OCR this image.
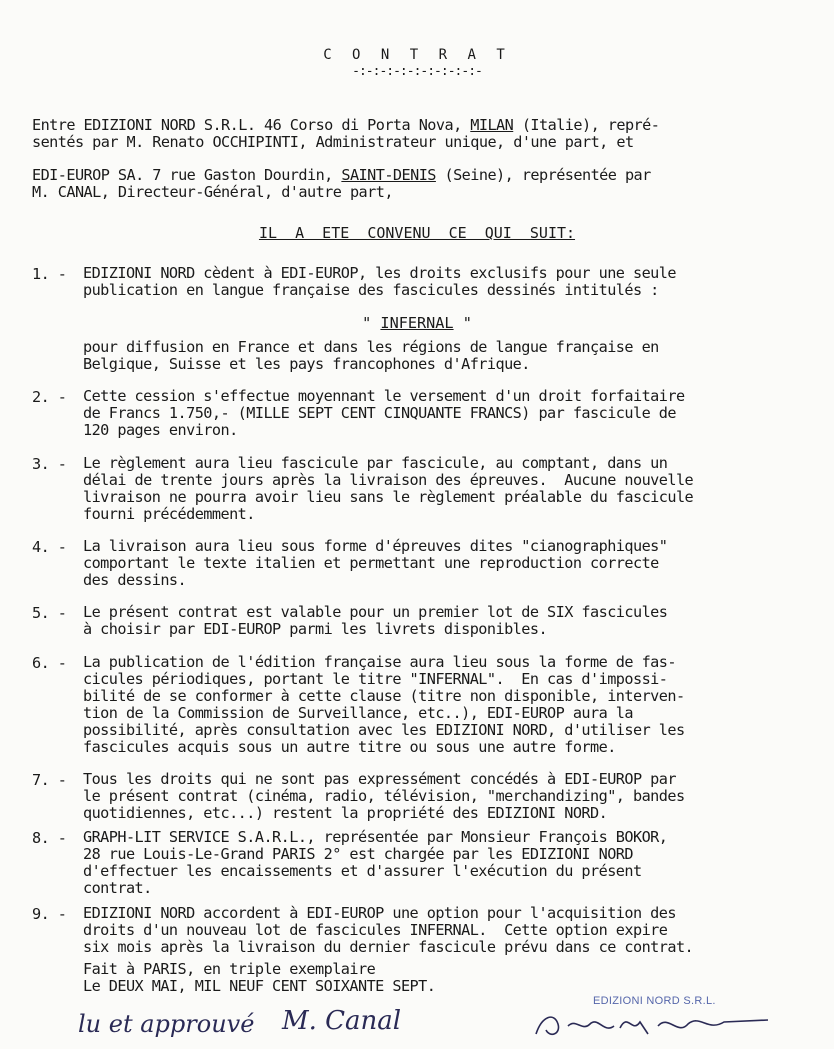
C O N T R A T
-:-:-:-:-:-:-:-:-:-
Entre EDIZIONI NORD S.R.L. 46 Corso di Porta Nova, MILAN (Italie), repré-
sentés par M. Renato OCCHIPINTI, Administrateur unique, d'une part, et
EDI-EUROP SA. 7 rue Gaston Dourdin, SAINT-DENIS (Seine), représentée par
M. CANAL, Directeur-Général, d'autre part,
IL  A  ETE  CONVENU  CE  QUI  SUIT:
1. - EDIZIONI NORD cèdent à EDI-EUROP, les droits exclusifs pour une seule
publication en langue française des fascicules dessinés intitulés :
" INFERNAL "
pour diffusion en France et dans les régions de langue française en
Belgique, Suisse et les pays francophones d'Afrique.
2. - Cette cession s'effectue moyennant le versement d'un droit forfaitaire
de Francs 1.750,- (MILLE SEPT CENT CINQUANTE FRANCS) par fascicule de
120 pages environ.
3. - Le règlement aura lieu fascicule par fascicule, au comptant, dans un
délai de trente jours après la livraison des épreuves.  Aucune nouvelle
livraison ne pourra avoir lieu sans le règlement préalable du fascicule
fourni précédemment.
4. - La livraison aura lieu sous forme d'épreuves dites "cianographiques"
comportant le texte italien et permettant une reproduction correcte
des dessins.
5. - Le présent contrat est valable pour un premier lot de SIX fascicules
à choisir par EDI-EUROP parmi les livrets disponibles.
6. - La publication de l'édition française aura lieu sous la forme de fas-
cicules périodiques, portant le titre "INFERNAL".  En cas d'impossi-
bilité de se conformer à cette clause (titre non disponible, interven-
tion de la Commission de Surveillance, etc..), EDI-EUROP aura la
possibilité, après consultation avec les EDIZIONI NORD, d'utiliser les
fascicules acquis sous un autre titre ou sous une autre forme.
7. - Tous les droits qui ne sont pas expressément concédés à EDI-EUROP par
le présent contrat (cinéma, radio, télévision, "merchandizing", bandes
quotidiennes, etc...) restent la propriété des EDIZIONI NORD.
8. - GRAPH-LIT SERVICE S.A.R.L., représentée par Monsieur François BOKOR,
28 rue Louis-Le-Grand PARIS 2° est chargée par les EDIZIONI NORD
d'effectuer les encaissements et d'assurer l'exécution du présent
contrat.
9. - EDIZIONI NORD accordent à EDI-EUROP une option pour l'acquisition des
droits d'un nouveau lot de fascicules INFERNAL.  Cette option expire
six mois après la livraison du dernier fascicule prévu dans ce contrat.
Fait à PARIS, en triple exemplaire
Le DEUX MAI, MIL NEUF CENT SOIXANTE SEPT.
lu et approuvé M. Canal
EDIZIONI NORD S.R.L.
